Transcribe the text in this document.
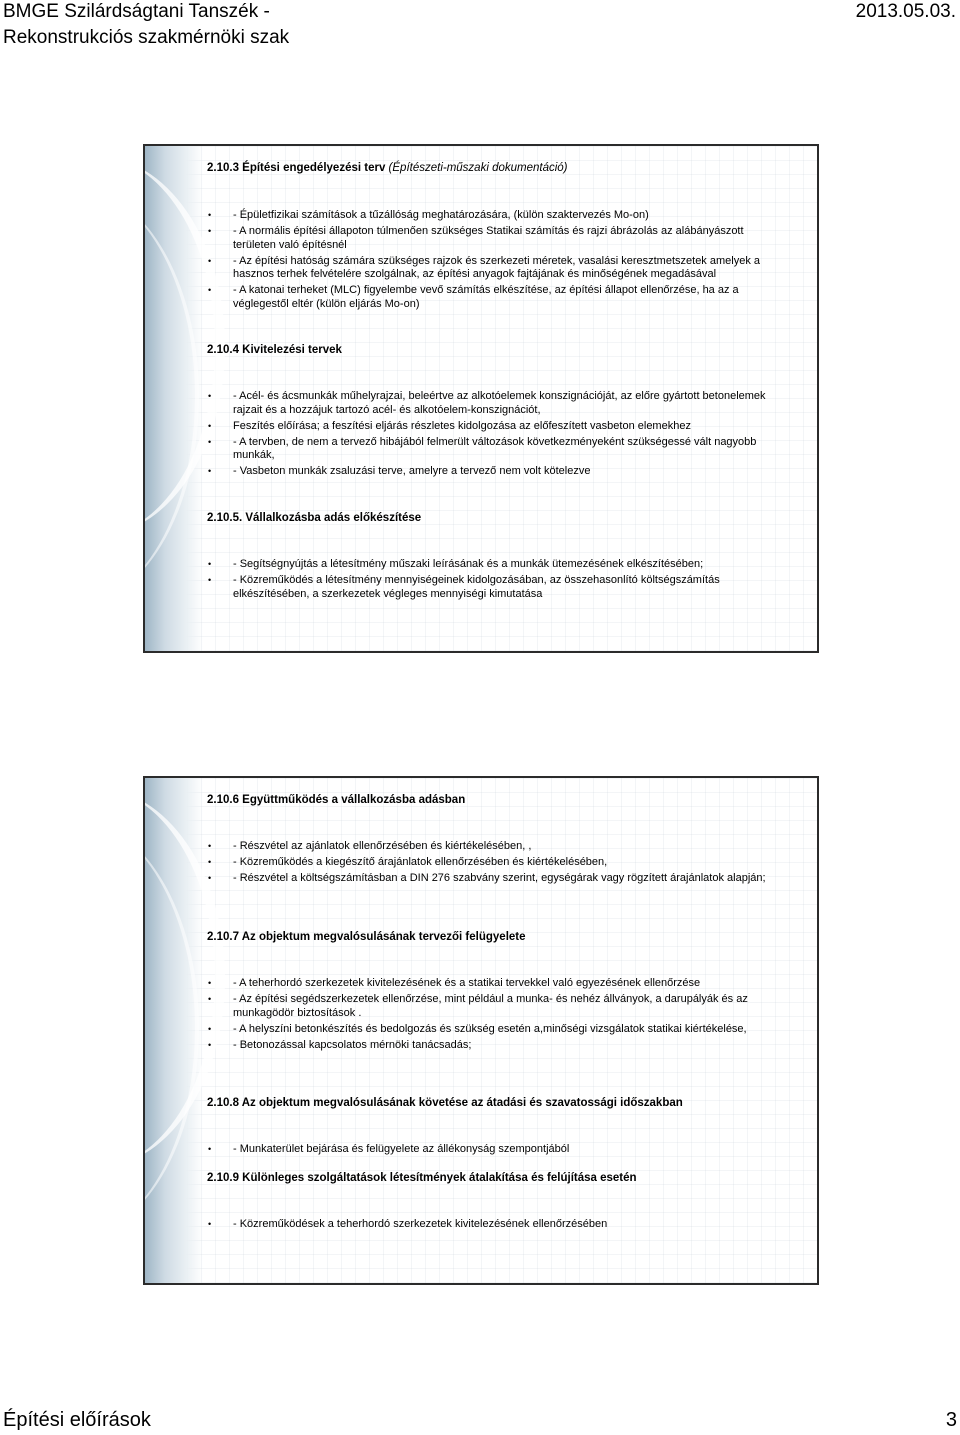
BMGE Szilárdságtani Tanszék -
Rekonstrukciós szakmérnöki szak
2013.05.03.
2.10.3 Építési engedélyezési terv (Építészeti-műszaki dokumentáció)
• - Épületfizikai számítások a tűzállóság meghatározására, (külön szaktervezés Mo-on)
• - A normális építési állapoton túlmenően szükséges Statikai számítás és rajzi ábrázolás az alábányászott területen való építésnél
• - Az építési hatóság számára szükséges rajzok és szerkezeti méretek, vasalási keresztmetszetek amelyek a hasznos terhek felvételére szolgálnak, az építési anyagok fajtájának és minőségének megadásával
• - A katonai terheket (MLC) figyelembe vevő számítás elkészítése, az építési állapot ellenőrzése, ha az a véglegestől eltér (külön eljárás Mo-on)
2.10.4 Kivitelezési tervek
• - Acél- és ácsmunkák műhelyrajzai, beleértve az alkotóelemek konszignációját, az előre gyártott betonelemek rajzait és a hozzájuk tartozó acél- és alkotóelem-konszignációt,
• Feszítés előírása; a feszítési eljárás részletes kidolgozása az előfeszített vasbeton elemekhez
• - A tervben, de nem a tervező hibájából felmerült változások következményeként szükségessé vált nagyobb munkák,
• - Vasbeton munkák zsaluzási terve, amelyre a tervező nem volt kötelezve
2.10.5. Vállalkozásba adás előkészítése
• - Segítségnyújtás a létesítmény műszaki leírásának és a munkák ütemezésének elkészítésében;
• - Közreműködés a létesítmény mennyiségeinek kidolgozásában, az összehasonlító költségszámítás elkészítésében, a szerkezetek végleges mennyiségi kimutatása
2.10.6 Együttműködés a vállalkozásba adásban
• - Részvétel az ajánlatok ellenőrzésében és kiértékelésében, ,
• - Közreműködés a kiegészítő árajánlatok ellenőrzésében és kiértékelésében,
• - Részvétel a költségszámításban a DIN 276 szabvány szerint, egységárak vagy rögzített árajánlatok alapján;
2.10.7 Az objektum megvalósulásának tervezői felügyelete
• - A teherhordó szerkezetek kivitelezésének és a statikai tervekkel való egyezésének ellenőrzése
• - Az építési segédszerkezetek ellenőrzése, mint például a munka- és nehéz állványok, a darupályák és az munkagödör biztosítások .
• - A helyszíni betonkészítés és bedolgozás és szükség esetén a,minőségi vizsgálatok statikai kiértékelése,
• - Betonozással kapcsolatos mérnöki tanácsadás;
2.10.8 Az objektum megvalósulásának követése az átadási és szavatossági időszakban
• - Munkaterület bejárása és felügyelete az állékonyság szempontjából
2.10.9 Különleges szolgáltatások létesítmények átalakítása és felújítása esetén
• - Közreműködések a teherhordó szerkezetek kivitelezésének ellenőrzésében
Építési előírások	3
